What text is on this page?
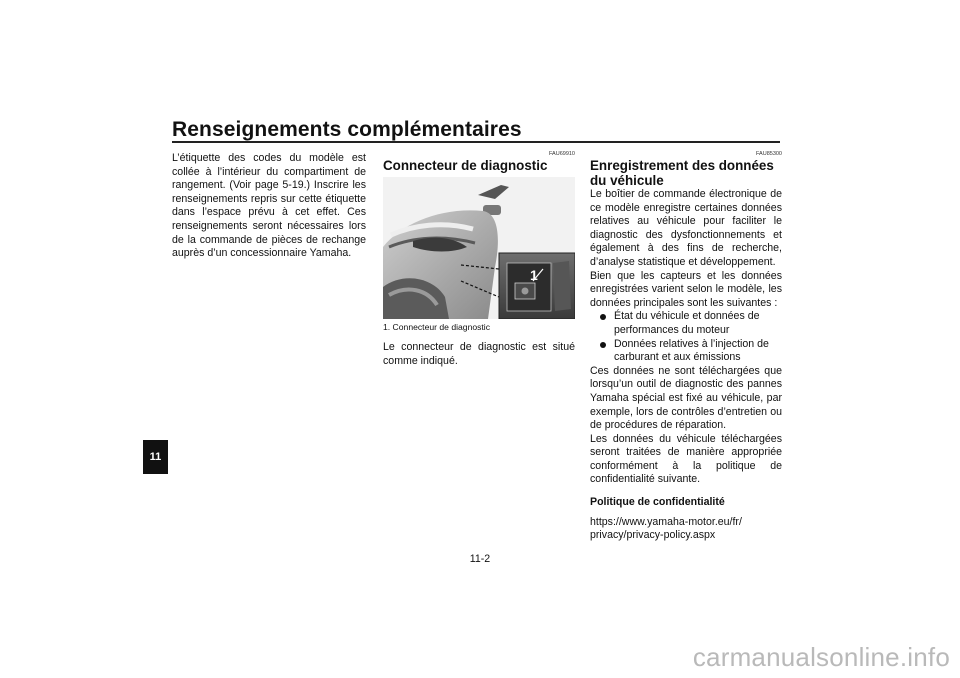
Renseignements complémentaires
11

L’étiquette des codes du modèle est collée à l’intérieur du compartiment de rangement. (Voir page 5-19.) Inscrire les renseignements repris sur cette étiquette dans l’espace prévu à cet effet. Ces renseignements seront nécessaires lors de la commande de pièces de rechange auprès d’un concessionnaire Yamaha.

FAU69910
Connecteur de diagnostic
1
1. Connecteur de diagnostic

Le connecteur de diagnostic est situé comme indiqué.

FAU85300
Enregistrement des données du véhicule

Le boîtier de commande électronique de ce modèle enregistre certaines données relatives au véhicule pour faciliter le diagnostic des dysfonctionnements et également à des fins de recherche, d’analyse statistique et développement.

Bien que les capteurs et les données enregistrées varient selon le modèle, les données principales sont les suivantes :

État du véhicule et données de performances du moteur
Données relatives à l’injection de carburant et aux émissions

Ces données ne sont téléchargées que lorsqu’un outil de diagnostic des pannes Yamaha spécial est fixé au véhicule, par exemple, lors de contrôles d’entretien ou de procédures de réparation.

Les données du véhicule téléchargées seront traitées de manière appropriée conformément à la politique de confidentialité suivante.

Politique de confidentialité

https://www.yamaha-motor.eu/fr/

privacy/privacy-policy.aspx

11-2
carmanualsonline.info
